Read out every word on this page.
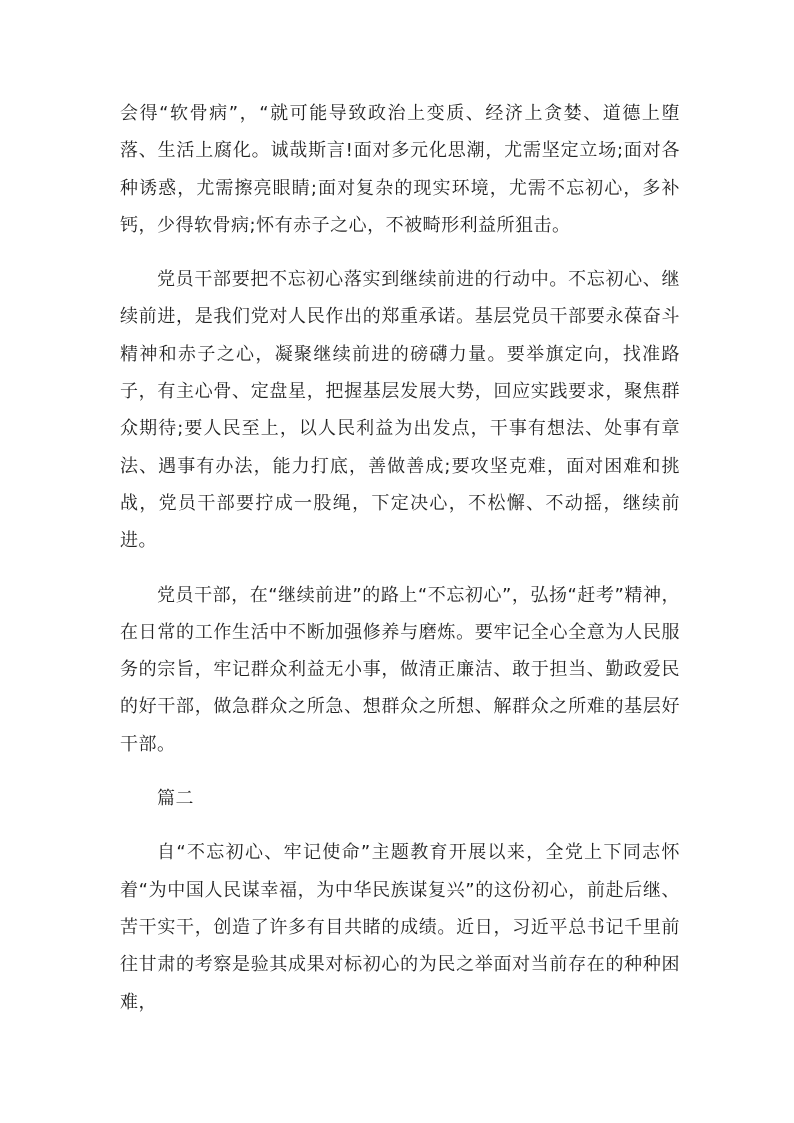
会得“软骨病”，“就可能导致政治上变质、经济上贪婪、道德上堕落、生活上腐化。诚哉斯言!面对多元化思潮，尤需坚定立场;面对各种诱惑，尤需擦亮眼睛;面对复杂的现实环境，尤需不忘初心，多补钙，少得软骨病;怀有赤子之心，不被畸形利益所狙击。

党员干部要把不忘初心落实到继续前进的行动中。不忘初心、继续前进，是我们党对人民作出的郑重承诺。基层党员干部要永葆奋斗精神和赤子之心，凝聚继续前进的磅礴力量。要举旗定向，找准路子，有主心骨、定盘星，把握基层发展大势，回应实践要求，聚焦群众期待;要人民至上，以人民利益为出发点，干事有想法、处事有章法、遇事有办法，能力打底，善做善成;要攻坚克难，面对困难和挑战，党员干部要拧成一股绳，下定决心，不松懈、不动摇，继续前进。

党员干部，在“继续前进”的路上“不忘初心”，弘扬“赶考”精神，在日常的工作生活中不断加强修养与磨炼。要牢记全心全意为人民服务的宗旨，牢记群众利益无小事，做清正廉洁、敢于担当、勤政爱民的好干部，做急群众之所急、想群众之所想、解群众之所难的基层好干部。

篇二

自“不忘初心、牢记使命”主题教育开展以来，全党上下同志怀着“为中国人民谋幸福，为中华民族谋复兴”的这份初心，前赴后继、苦干实干，创造了许多有目共睹的成绩。近日，习近平总书记千里前往甘肃的考察是验其成果对标初心的为民之举面对当前存在的种种困难，
